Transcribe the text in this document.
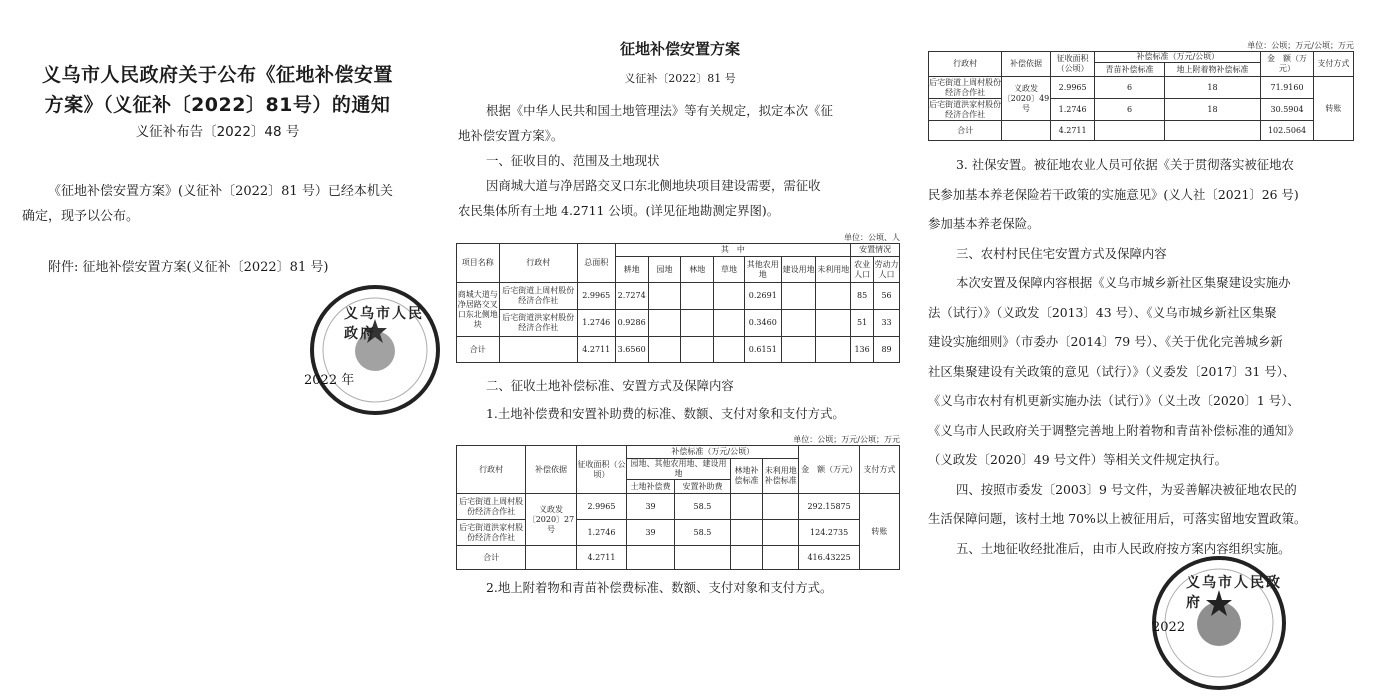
义乌市人民政府关于公布《征地补偿安置
方案》（义征补〔2022〕81号）的通知
义征补布告〔2022〕48 号
《征地补偿安置方案》(义征补〔2022〕81 号）已经本机关
确定，现予以公布。
附件: 征地补偿安置方案(义征补〔2022〕81 号)
义乌市人民政府
2022 年
征地补偿安置方案
义征补〔2022〕81 号
根据《中华人民共和国土地管理法》等有关规定，拟定本次《征
地补偿安置方案》。
一、征收目的、范围及土地现状
因商城大道与净居路交叉口东北侧地块项目建设需要，需征收
农民集体所有土地 4.2711 公顷。(详见征地勘测定界图)。
单位：公顷、人
项目名称	行政村	总面积	其　中							安置情况	
			耕地	园地	林地	草地	其他农用地	建设用地	未利用地	农业人口	劳动力人口
商城大道与净居路交叉口东北侧地块	后宅街道上周村股份经济合作社	2.9965	2.7274				0.2691			85	56
	后宅街道洪家村股份经济合作社	1.2746	0.9286				0.3460			51	33
合计		4.2711	3.6560				0.6151			136	89
二、征收土地补偿标准、安置方式及保障内容
1.土地补偿费和安置补助费的标准、数额、支付对象和支付方式。
单位：公顷；万元/公顷；万元
行政村	补偿依据	征收面积（公顷）	补偿标准（万元/公顷）				金　额（万元）	支付方式
			园地、其他农用地、建设用地		林地补偿标准	未利用地补偿标准		
			土地补偿费	安置补助费				
后宅街道上周村股份经济合作社	义政发〔2020〕27号	2.9965	39	58.5			292.15875	转账
后宅街道洪家村股份经济合作社		1.2746	39	58.5			124.2735	
合计		4.2711					416.43225	
2.地上附着物和青苗补偿费标准、数额、支付对象和支付方式。
单位：公顷；万元/公顷；万元
行政村	补偿依据	征收面积（公顷）	补偿标准（万元/公顷）		金　额（万元）	支付方式
			青苗补偿标准	地上附着物补偿标准		
后宅街道上周村股份经济合作社	义政发〔2020〕49号	2.9965	6	18	71.9160	转账
后宅街道洪家村股份经济合作社		1.2746	6	18	30.5904	
合计		4.2711			102.5064	
3. 社保安置。被征地农业人员可依据《关于贯彻落实被征地农
民参加基本养老保险若干政策的实施意见》(义人社〔2021〕26 号)
参加基本养老保险。
三、农村村民住宅安置方式及保障内容
本次安置及保障内容根据《义乌市城乡新社区集聚建设实施办
法（试行）》（义政发〔2013〕43 号）、《义乌市城乡新社区集聚
建设实施细则》（市委办〔2014〕79 号）、《关于优化完善城乡新
社区集聚建设有关政策的意见（试行）》（义委发〔2017〕31 号）、
《义乌市农村有机更新实施办法（试行）》（义土改〔2020〕1 号）、
《义乌市人民政府关于调整完善地上附着物和青苗补偿标准的通知》
（义政发〔2020〕49 号文件）等相关文件规定执行。
四、按照市委发〔2003〕9 号文件，为妥善解决被征地农民的
生活保障问题，该村土地 70%以上被征用后，可落实留地安置政策。
五、土地征收经批准后，由市人民政府按方案内容组织实施。
义乌市人民政府
2022
